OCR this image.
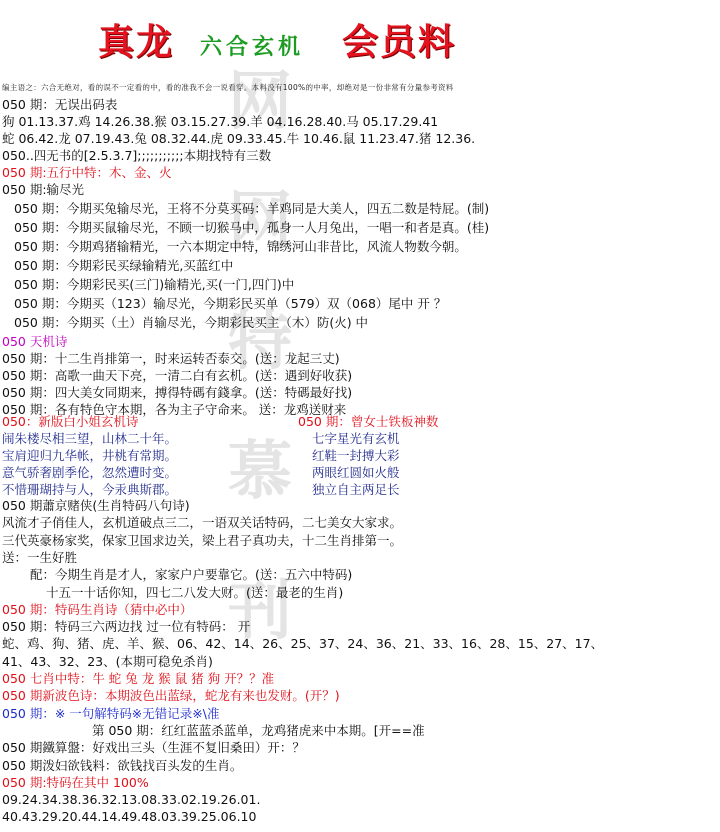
真龙 六合玄机 会员料
编主语之：六合无绝对，看的误不一定看的中，看的准我不会一说看穿。本料没有100%的中率，却绝对是一份非常有分量参考资料
网
网
特
慕
刊
050 期：无误出码表
狗 01.13.37.鸡 14.26.38.猴 03.15.27.39.羊 04.16.28.40.马 05.17.29.41
蛇 06.42.龙 07.19.43.兔 08.32.44.虎 09.33.45.牛 10.46.鼠 11.23.47.猪 12.36.
050..四无书的[2.5.3.7];;;;;;;;;;;本期找特有三数
050 期:五行中特：木、金、火
050 期:输尽光
050 期：今期买兔输尽光，王将不分莫买码：羊鸡同是大美人，四五二数是特屁。(制)
050 期：今期买鼠输尽光，不顾一切猴马中，孤身一人月兔出，一唱一和者是真。(桂)
050 期：今期鸡猪输精光，一六本期定中特，锦绣河山非昔比，风流人物数今朝。
050 期：今期彩民买绿输精光,买蓝红中
050 期：今期彩民买(三门)输精光,买(一门,四门)中
050 期：今期买（123）输尽光，今期彩民买单（579）双（068）尾中 开 ？
050 期：今期买（土）肖输尽光，今期彩民买主（木）防(火) 中
050 天机诗
050 期：十二生肖排第一，时来运转否泰交。(送：龙起三丈)
050 期：高歌一曲天下亮，一清二白有玄机。(送：遇到好收获)
050 期：四大美女同期来，搏得特碼有錢拿。(送：特碼最好找)
050 期：各有特色守本期，各为主子守命来。 送：龙鸡送财来
050：新版白小姐玄机诗	050 期：曾女士铁板神数
闹朱楼尽相三望，山林二十年。
宝肩迎归九华帐，井桃有常期。
意气骄奢剧季伦，忽然遭时变。
不惜珊瑚持与人，今汞典斯郡。
七字星光有玄机
红鞋一封搏大彩
两眼红圆如火般
独立自主两足长
050 期蕭京赌侠(生肖特码八句诗)
风流才子俏佳人，玄机道破点三二，一语双关话特码，二七美女大家求。
三代英豪杨家奖，保家卫国求边关，梁上君子真功夫，十二生肖排第一。
送：一生好胜
配：今期生肖是才人，家家户户要靠它。(送：五六中特码)
十五一十话你知，四七二八发大财。(送：最老的生肖)
050 期：特码生肖诗（猜中必中）
050 期：特码三六两边找 过一位有特码： 开
蛇、鸡、狗、猪、虎、羊、猴、06、42、14、26、25、37、24、36、21、33、16、28、15、27、17、
41、43、32、23、(本期可稳免杀肖)
050 七肖中特：牛 蛇 兔 龙 猴 鼠 猪 狗 开？？准
050 期新波色诗：本期波色出蓝绿，蛇龙有来也发财。(开？)
050 期：※ 一句解特码※无错记录※\准
第 050 期：红红蓝蓝杀蓝单，龙鸡猪虎来中本期。[开==准
050 期鐵算盤：好戏出三头（生涯不复旧桑田）开：？
050 期泼妇欲钱料：欲钱找百头发的生肖。
050 期:特码在其中 100%
09.24.34.38.36.32.13.08.33.02.19.26.01.
40.43.29.20.44.14.49.48.03.39.25.06.10
